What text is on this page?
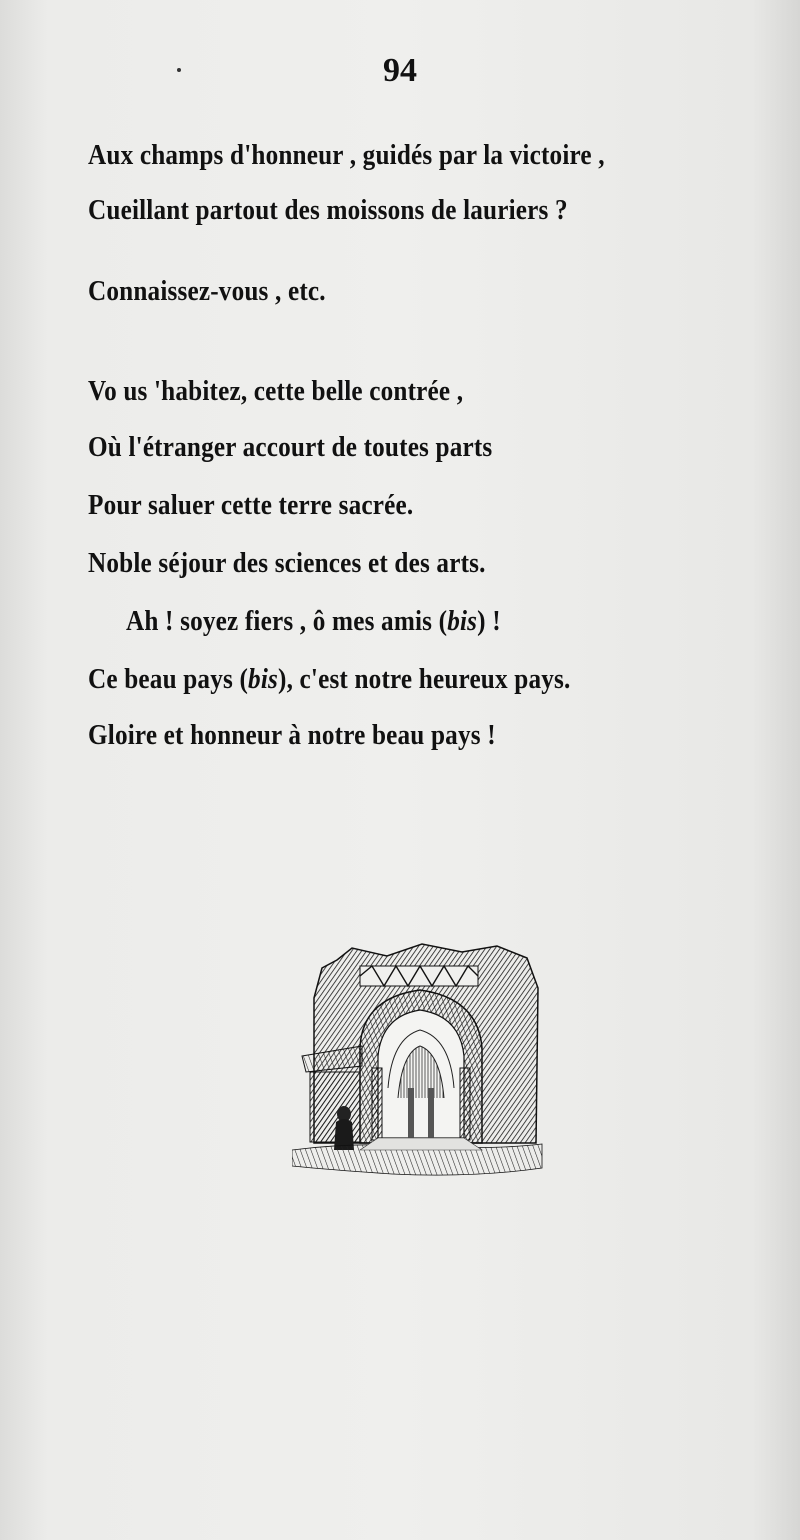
94
Aux champs d'honneur , guidés par la victoire ,
Cueillant partout des moissons de lauriers ?
Connaissez-vous , etc.
Vo us 'habitez, cette belle contrée ,
Où l'étranger accourt de toutes parts
Pour saluer cette terre sacrée.
Noble séjour des sciences et des arts.
Ah ! soyez fiers , ô mes amis (bis) !
Ce beau pays (bis), c'est notre heureux pays.
Gloire et honneur à notre beau pays !
